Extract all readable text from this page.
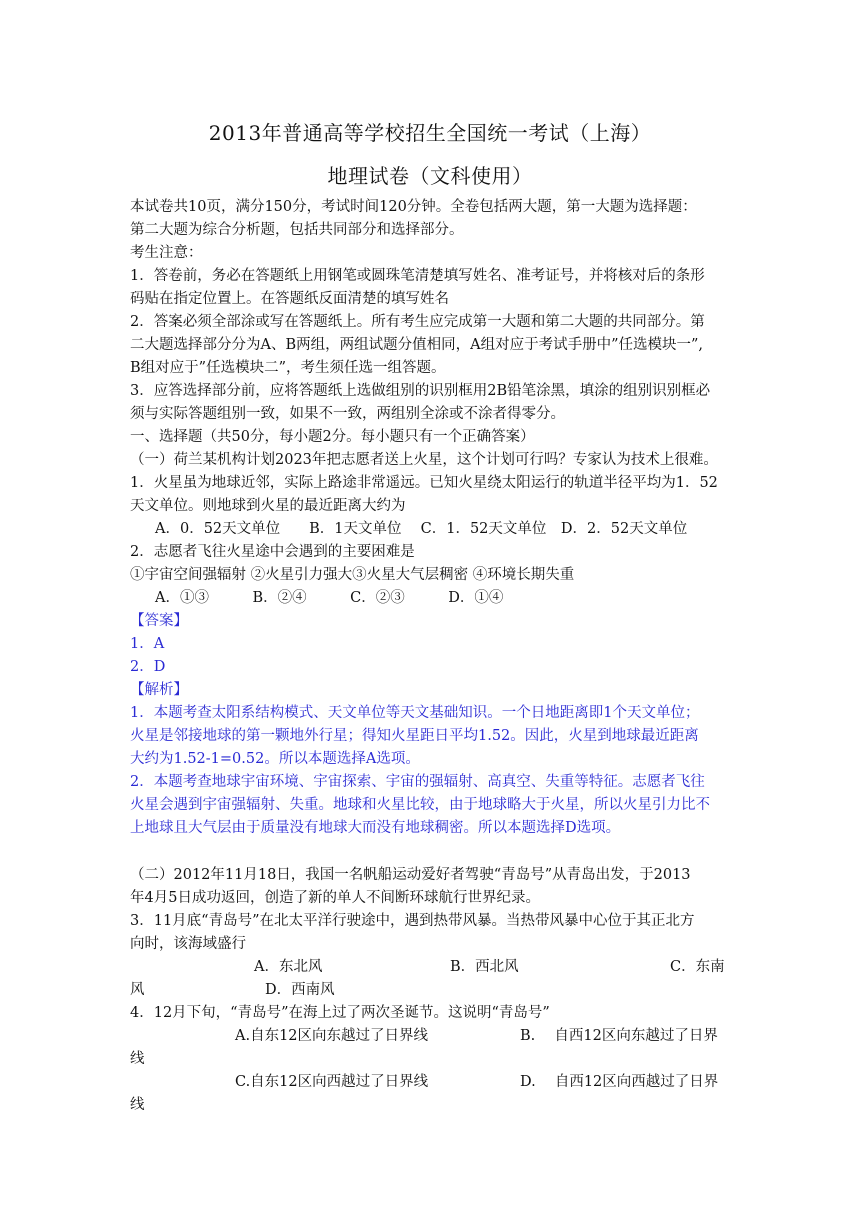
2013年普通高等学校招生全国统一考试（上海）
地理试卷（文科使用）
本试卷共10页，满分150分，考试时间120分钟。全卷包括两大题，第一大题为选择题：
第二大题为综合分析题，包括共同部分和选择部分。
考生注意：
1．答卷前，务必在答题纸上用钢笔或圆珠笔清楚填写姓名、准考证号，并将核对后的条形
码贴在指定位置上。在答题纸反面清楚的填写姓名
2．答案必须全部涂或写在答题纸上。所有考生应完成第一大题和第二大题的共同部分。第
二大题选择部分分为A、B两组，两组试题分值相同，A组对应于考试手册中”任选模块一”,
B组对应于”任选模块二”，考生须任选一组答题。
3．应答选择部分前，应将答题纸上选做组别的识别框用2B铅笔涂黑，填涂的组别识别框必
须与实际答题组别一致，如果不一致，两组别全涂或不涂者得零分。
一、选择题（共50分，每小题2分。每小题只有一个正确答案）
（一）荷兰某机构计划2023年把志愿者送上火星，这个计划可行吗？专家认为技术上很难。
1．火星虽为地球近邻，实际上路途非常遥远。已知火星绕太阳运行的轨道半径平均为1．52
天文单位。则地球到火星的最近距离大约为
A．0．52天文单位　　B．1天文单位　 C．1．52天文单位　D．2．52天文单位
2．志愿者飞往火星途中会遇到的主要困难是
①宇宙空间强辐射 ②火星引力强大③火星大气层稠密 ④环境长期失重
A．①③　　　B．②④　　　C．②③　　　D．①④
【答案】
1．A
2．D
【解析】
1．本题考查太阳系结构模式、天文单位等天文基础知识。一个日地距离即1个天文单位；
火星是邻接地球的第一颗地外行星；得知火星距日平均1.52。因此，火星到地球最近距离
大约为1.52-1=0.52。所以本题选择A选项。
2．本题考查地球宇宙环境、宇宙探索、宇宙的强辐射、高真空、失重等特征。志愿者飞往
火星会遇到宇宙强辐射、失重。地球和火星比较，由于地球略大于火星，所以火星引力比不
上地球且大气层由于质量没有地球大而没有地球稠密。所以本题选择D选项。
（二）2012年11月18日，我国一名帆船运动爱好者驾驶“青岛号”从青岛出发，于2013
年4月5日成功返回，创造了新的单人不间断环球航行世界纪录。
3．11月底“青岛号”在北太平洋行驶途中，遇到热带风暴。当热带风暴中心位于其正北方
向时，该海域盛行
A．东北风	B．西北风	C．东南
风	D．西南风
4．12月下旬，“青岛号”在海上过了两次圣诞节。这说明“青岛号”
A.自东12区向东越过了日界线	B.　 自西12区向东越过了日界
线
C.自东12区向西越过了日界线	D.　 自西12区向西越过了日界
线
